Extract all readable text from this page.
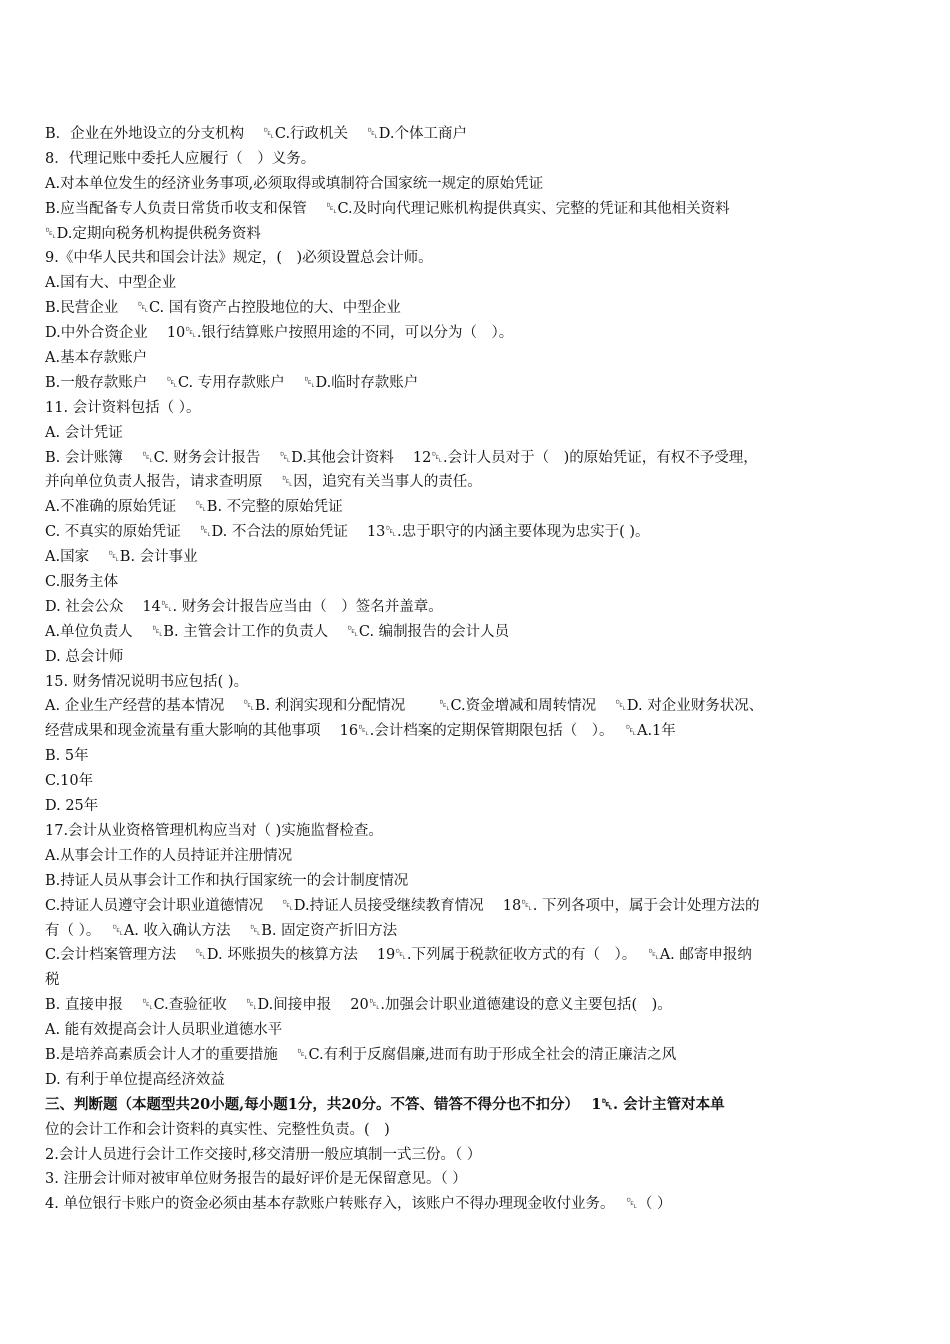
B．企业在外地设立的分支机构　 ␡C.行政机关　 ␡D.个体工商户
8．代理记账中委托人应履行（　）义务。
A.对本单位发生的经济业务事项,必须取得或填制符合国家统一规定的原始凭证
B.应当配备专人负责日常货币收支和保管　 ␡C.及时向代理记账机构提供真实、完整的凭证和其他相关资料
␡D.定期向税务机构提供税务资料
9.《中华人民共和国会计法》规定，(　)必须设置总会计师。
A.国有大、中型企业
B.民营企业　 ␡C. 国有资产占控股地位的大、中型企业
D.中外合资企业　 10␡.银行结算账户按照用途的不同，可以分为（　）。
A.基本存款账户
B.一般存款账户　 ␡C. 专用存款账户　 ␡D.临时存款账户
11. 会计资料包括（ ）。
A. 会计凭证
B. 会计账簿　 ␡C. 财务会计报告　 ␡D.其他会计资料　 12␡.会计人员对于（　)的原始凭证，有权不予受理，
并向单位负责人报告，请求查明原　 ␡因，追究有关当事人的责任。
A.不准确的原始凭证　 ␡B. 不完整的原始凭证
C. 不真实的原始凭证　 ␡D. 不合法的原始凭证　 13␡.忠于职守的内涵主要体现为忠实于( )。
A.国家　 ␡B. 会计事业
C.服务主体
D. 社会公众　 14␡. 财务会计报告应当由（　）签名并盖章。
A.单位负责人　 ␡B. 主管会计工作的负责人　 ␡C. 编制报告的会计人员
D. 总会计师
15. 财务情况说明书应包括( )。
A. 企业生产经营的基本情况　 ␡B. 利润实现和分配情况　　 ␡C.资金增减和周转情况　 ␡D. 对企业财务状况、
经营成果和现金流量有重大影响的其他事项　 16␡.会计档案的定期保管期限包括（　）。　 ␡A.1年
B. 5年
C.10年
D. 25年
17.会计从业资格管理机构应当对（ )实施监督检查。
A.从事会计工作的人员持证并注册情况
B.持证人员从事会计工作和执行国家统一的会计制度情况
C.持证人员遵守会计职业道德情况　 ␡D.持证人员接受继续教育情况　 18␡. 下列各项中，属于会计处理方法的
有（ ）。　 ␡A. 收入确认方法　 ␡B. 固定资产折旧方法
C.会计档案管理方法　 ␡D. 坏账损失的核算方法　 19␡.下列属于税款征收方式的有（　）。　 ␡A. 邮寄申报纳
税
B. 直接申报　 ␡C.查验征收　 ␡D.间接申报　 20␡.加强会计职业道德建设的意义主要包括(　)。
A. 能有效提高会计人员职业道德水平
B.是培养高素质会计人才的重要措施　 ␡C.有利于反腐倡廉,进而有助于形成全社会的清正廉洁之风
D. 有利于单位提高经济效益
三、判断题（本题型共20小题,每小题1分，共20分。不答、错答不得分也不扣分）　 1␡. 会计主管对本单
位的会计工作和会计资料的真实性、完整性负责。(　)
2.会计人员进行会计工作交接时,移交清册一般应填制一式三份。（ ）
3. 注册会计师对被审单位财务报告的最好评价是无保留意见。（ ）
4. 单位银行卡账户的资金必须由基本存款账户转账存入，该账户不得办理现金收付业务。　 ␡（ ）
